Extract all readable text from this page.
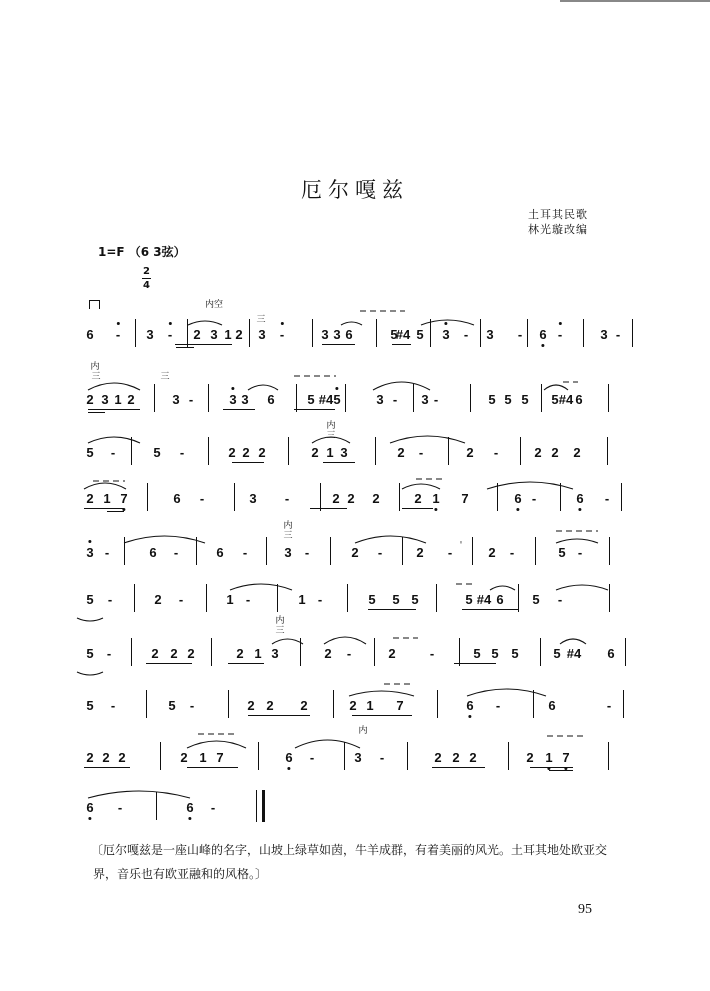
厄尔嘎兹
土耳其民歌
林光璇改编
1=F （6 3弦）
2
4
6 - 3 - 2 3 1 2 3 -	3 3 6	5
#4 5 3 - 3 - 6 -	3 -
内空
三
2 3 1 2	3 -	3 3 6	5 #4 5	3 - 3 -	5 5 5 5 #4 6
内
三	三
5 -	5 -	2 2 2	2 1 3	2 -	2 -	2 2 2
内
三
2 1 7	6 -	3 -	2 2 2	2 1 7	6 -	6 -
3 -	6 -	6 -	3 -	2 -	2 -	2 -	5 -
内
三
'
5 -	2 -	1 -	1 -	5 5 5	5 #4 6 5 -
5 -	2 2 2	2 1 3	2 -	2	-	5 5 5	5 #4 6
内
三
5 -	5 -	2 2 2	2 1 7	6 -	6	-
2 2 2	2 1 7	6 -	3 -	2 2 2	2 1 7
内
6 -	6 -
〔厄尔嘎兹是一座山峰的名字，山坡上绿草如茵，牛羊成群，有着美丽的风光。土耳其地处欧亚交界，音乐也有欧亚融和的风格。〕
95
